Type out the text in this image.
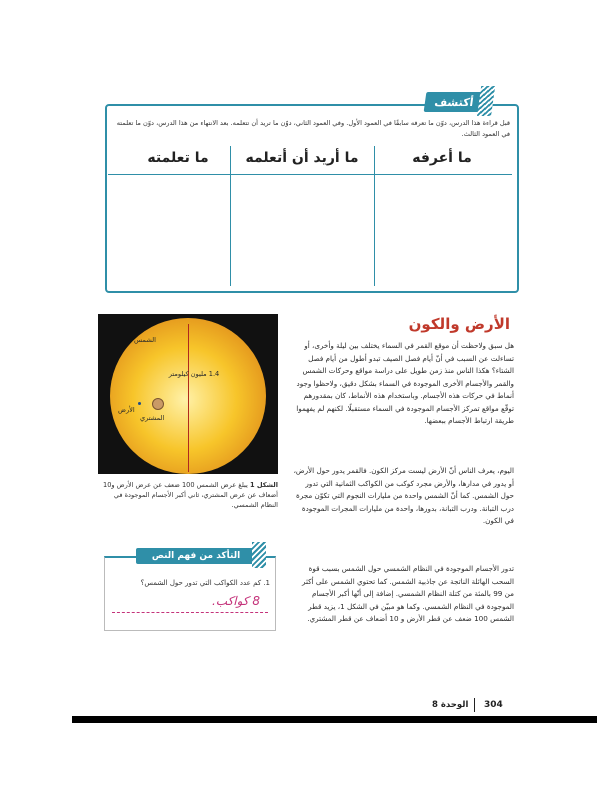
أكتشف
قبل قراءة هذا الدرس، دوّن ما تعرفه سابقًا في العمود الأول. وفي العمود الثاني، دوّن ما تريد أن تتعلمه. بعد الانتهاء من هذا الدرس، دوّن ما تعلمته في العمود الثالث.
ما أعرفه
ما أريد أن أتعلمه
ما تعلمته
الأرض والكون
هل سبق ولاحظت أن موقع القمر في السماء يختلف بين ليلة وأخرى، أو تساءلت عن السبب في أنّ أيام فصل الصيف تبدو أطول من أيام فصل الشتاء؟ هكذا الناس منذ زمن طويل على دراسة مواقع وحركات الشمس والقمر والأجسام الأخرى الموجودة في السماء بشكل دقيق، ولاحظوا وجود أنماط في حركات هذه الأجسام. وباستخدام هذه الأنماط، كان بمقدورهم توقّع مواقع تمركز الأجسام الموجودة في السماء مستقبلًا. لكنهم لم يفهموا طريقة ارتباط الأجسام ببعضها.
اليوم، يعرف الناس أنّ الأرض ليست مركز الكون. فالقمر يدور حول الأرض، أو يدور في مدارها، والأرض مجرد كوكب من الكواكب الثمانية التي تدور حول الشمس. كما أنّ الشمس واحدة من مليارات النجوم التي تكوّن مجرة درب التبانة. ودرب التبانة، بدورها، واحدة من مليارات المجرات الموجودة في الكون.
تدور الأجسام الموجودة في النظام الشمسي حول الشمس بسبب قوة السحب الهائلة الناتجة عن جاذبية الشمس. كما تحتوي الشمس على أكثر من 99 بالمئة من كتلة النظام الشمسي. إضافة إلى أنّها أكبر الأجسام الموجودة في النظام الشمسي. وكما هو مبيّن في الشكل 1، يزيد قطر الشمس 100 ضعف عن قطر الأرض و 10 أضعاف عن قطر المشتري.
الشمس
1.4 مليون كيلومتر
الأرض
المشتري
الشكل 1 يبلغ عرض الشمس 100 ضعف عن عرض الأرض و10 أضعاف عن عرض المشتري، ثاني أكبر الأجسام الموجودة في النظام الشمسي.
التأكد من فهم النص
1. كم عدد الكواكب التي تدور حول الشمس؟
8 كواكب.
الوحدة 8 304
